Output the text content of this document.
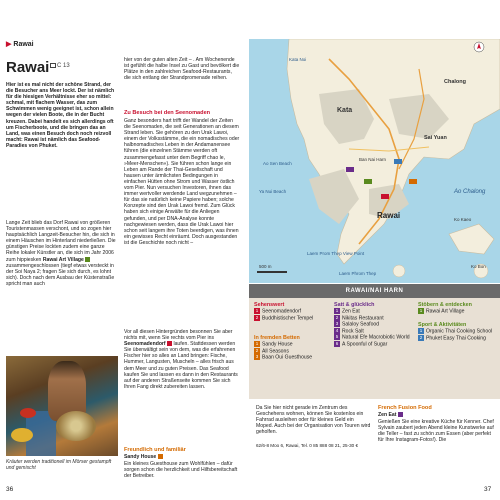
▶ Rawai
Rawai	C 13
Hier ist es mal nicht der schöne Strand, der die Besucher ans Meer lockt. Der ist nämlich für die hiesigen Verhältnisse eher so mittel: schmal, mit flachem Wasser, das zum Schwimmen wenig geeignet ist, schon allein wegen der vielen Boote, die in der Bucht kreuzen. Dabei handelt es sich allerdings oft um Fischerboote, und die bringen das an Land, was einen Besuch doch noch reizvoll macht: Rawai ist nämlich das Seafood-Paradies von Phuket.
Lange Zeit blieb das Dorf Rawai von größeren Touristenmassen verschont, und so zogen hier hauptsächlich Langzeit-Besucher hin, die sich in einem Häuschen im Hinterland niederließen. Die günstigen Preise lockten zudem eine ganze Reihe lokaler Künstler an, die sich im Jahr 2006 zum hippiesken Rawai Art Village  zusammengeschlossen (tiegf etwas versteckt in der Soi Naya 2; fragen Sie sich durch, es lohnt sich). Doch nach dem Ausbau der Küstenstraße spricht man auch
Kräuter werden traditionell im Mörser gestampft und gemischt
36
hier von der guten alten Zeit – . Am Wochenende ist gefühlt die halbe Insel zu Gast und bevölkert die Plätze in den zahlreichen Seafood-Restaurants, die sich entlang der Strandpromenade reihen.
Zu Besuch bei den Seenomaden
Ganz besonders hart trifft der Wandel der Zeiten die Seenomaden, die seit Generationen an diesem Strand leben. Sie gehören zu den Urak Lawoi, einem der Volksstämme, die ein nomadisches oder halbnomadisches Leben in der Andamanensee führen (die einzelnen Stämme werden oft zusammengefasst unter dem Begriff chao le, »Meer-Menschen«). Sie führen schon lange ein Leben am Rande der Thai-Gesellschaft und hausen unter ärmlichsten Bedingungen in einfachen Hütten ohne Strom und Wasser östlich vom Pier. Nun versuchen Investoren, ihnen das immer wertvoller werdende Land wegzunehmen – für das sie natürlich keine Papiere haben; solche Konzepte sind den Urak Lawoi fremd. Zum Glück haben sich einige Anwälte für die Anliegen gefunden, und per DNA-Analyse konnte nachgewiesen werden, dass die Urak Lawoi hier schon seit langem ihre Toten beerdigen, was ihnen ein gewisses Recht einräumt. Doch ausgestanden ist die Geschichte noch nicht –
Vor all diesen Hintergründen besonnen Sie aber nichts mit, wenn Sie rechts vom Pier ins Seenomadendorf laufen. Stattdessen werden Sie überwältigt sein von dem, was die erfahrenen Fischer hier so alles an Land bringen: Fische, Hummer, Langusten, Muscheln – alles frisch aus dem Meer und zu guten Preisen. Das Seafood kaufen Sie und lassen es dann in den Restaurants auf der anderen Straßenseite kommen Sie sich Ihren Fang direkt zubereiten lassen.
Freundlich und familiär
Sandy House
Ein kleines Guesthouse zum Wohlfühlen – dafür sorgen schon die herzlichkeit und Hilfsbereitschaft der Betreiber.
Kata
Kata Noi
Sai Yuan
Chalong
Ao Chalong
Rawai
Ao Sen Beach
Ya Nui Beach
Ban Nai Harn
Laem Prom Thep View Point
Laem Phrom Thep
Ko Kaeo
Ko Bon
500 m
RAWAI/NAI HARN
Sehenswert
1 Seenomadendorf
2 Buddhistischer Tempel
In fremden Betten
1 Sandy House
2 All Seasons
3 Baan Oui Guesthouse
Satt & glücklich
1 Zen Eat
2 Nikitas Restaurant
3 Salaloy Seafood
4 Rock Salt
5 Natural Efe Macrobiotic World
6 A Spoonful of Sugar
Stöbern & entdecken
1 Rawai Art Village
Sport & Aktivitäten
1 Organic Thai Cooking School
2 Phuket Easy Thai Cooking
Da Sie hier nicht gerade im Zentrum des Geschehens wohnen, können Sie kostenlos ein Fahrrad ausleihen oder für kleines Geld ein Moped. Auch bei der Organisation von Touren wird geholfen.
62/6-8 Moo 6, Rawai, Tel. 0 85 888 08 21, 25-30 €
French Fusion Food
Zen Eat
Genießen Sie eine kreative Küche für Kenner. Chef Sylvain zaubert jeden Abend kleine Kunstwerke auf die Teller – fast zu schön zum Essen (aber perfekt für Ihre Instagram-Fotos!). Die
37
